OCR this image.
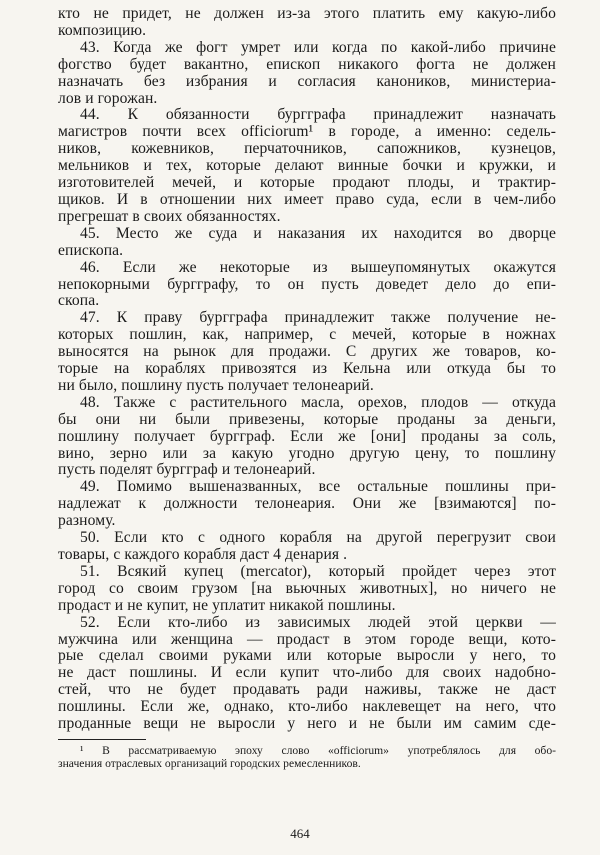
кто не придет, не должен из-за этого платить ему какую-либо
композицию.
43. Когда же фогт умрет или когда по какой-либо причине
фогство будет вакантно, епископ никакого фогта не должен
назначать без избрания и согласия каноников, министериа-
лов и горожан.
44. К обязанности бургграфа принадлежит назначать
магистров почти всех officiorum¹ в городе, а именно: седель-
ников, кожевников, перчаточников, сапожников, кузнецов,
мельников и тех, которые делают винные бочки и кружки, и
изготовителей мечей, и которые продают плоды, и трактир-
щиков. И в отношении них имеет право суда, если в чем-либо
прегрешат в своих обязанностях.
45. Место же суда и наказания их находится во дворце
епископа.
46. Если же некоторые из вышеупомянутых окажутся
непокорными бургграфу, то он пусть доведет дело до епи-
скопа.
47. К праву бургграфа принадлежит также получение не-
которых пошлин, как, например, с мечей, которые в ножнах
выносятся на рынок для продажи. С других же товаров, ко-
торые на кораблях привозятся из Кельна или откуда бы то
ни было, пошлину пусть получает телонеарий.
48. Также с растительного масла, орехов, плодов — откуда
бы они ни были привезены, которые проданы за деньги,
пошлину получает бургграф. Если же [они] проданы за соль,
вино, зерно или за какую угодно другую цену, то пошлину
пусть поделят бургграф и телонеарий.
49. Помимо вышеназванных, все остальные пошлины при-
надлежат к должности телонеария. Они же [взимаются] по-
разному.
50. Если кто с одного корабля на другой перегрузит свои
товары, с каждого корабля даст 4 денария .
51. Всякий купец (mercator), который пройдет через этот
город со своим грузом [на вьючных животных], но ничего не
продаст и не купит, не уплатит никакой пошлины.
52. Если кто-либо из зависимых людей этой церкви —
мужчина или женщина — продаст в этом городе вещи, кото-
рые сделал своими руками или которые выросли у него, то
не даст пошлины. И если купит что-либо для своих надобно-
стей, что не будет продавать ради наживы, также не даст
пошлины. Если же, однако, кто-либо наклевещет на него, что
проданные вещи не выросли у него и не были им самим сде-
¹ В рассматриваемую эпоху слово «officiorum» употреблялось для обо-
значения отраслевых организаций городских ремесленников.
464
